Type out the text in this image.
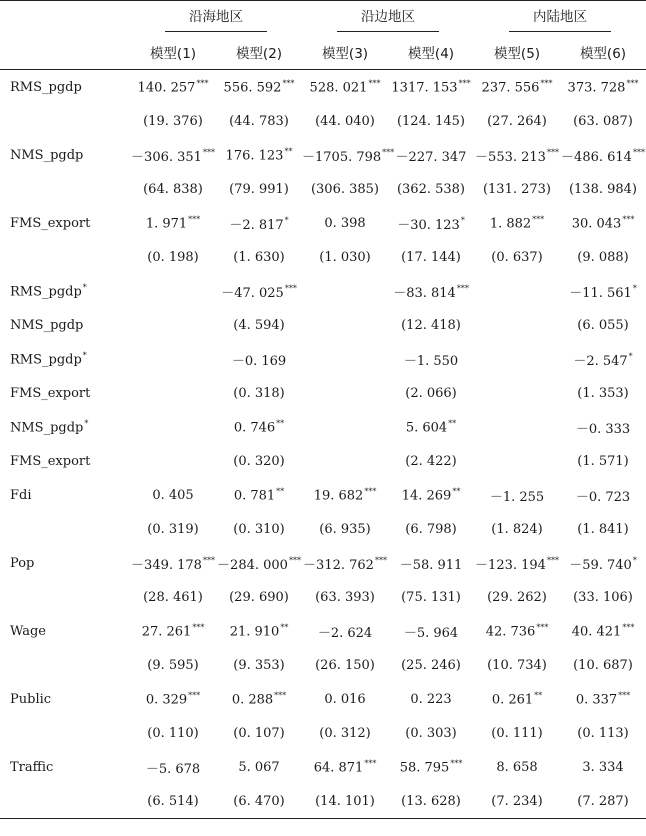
	沿海地区		沿边地区		内陆地区	
	模型(1)	模型(2)	模型(3)	模型(4)	模型(5)	模型(6)
RMS_pgdp	140. 257***	556. 592***	528. 021***	1317. 153***	237. 556***	373. 728***
	(19. 376)	(44. 783)	(44. 040)	(124. 145)	(27. 264)	(63. 087)
NMS_pgdp	－306. 351***	176. 123**	－1705. 798***	－227. 347	－553. 213***	－486. 614***
	(64. 838)	(79. 991)	(306. 385)	(362. 538)	(131. 273)	(138. 984)
FMS_export	1. 971***	－2. 817*	0. 398	－30. 123*	1. 882***	30. 043***
	(0. 198)	(1. 630)	(1. 030)	(17. 144)	(0. 637)	(9. 088)
RMS_pgdp*		－47. 025***		－83. 814***		－11. 561*
NMS_pgdp		(4. 594)		(12. 418)		(6. 055)
RMS_pgdp*		－0. 169		－1. 550		－2. 547*
FMS_export		(0. 318)		(2. 066)		(1. 353)
NMS_pgdp*		0. 746**		5. 604**		－0. 333
FMS_export		(0. 320)		(2. 422)		(1. 571)
Fdi	0. 405	0. 781**	19. 682***	14. 269**	－1. 255	－0. 723
	(0. 319)	(0. 310)	(6. 935)	(6. 798)	(1. 824)	(1. 841)
Pop	－349. 178***	－284. 000***	－312. 762***	－58. 911	－123. 194***	－59. 740*
	(28. 461)	(29. 690)	(63. 393)	(75. 131)	(29. 262)	(33. 106)
Wage	27. 261***	21. 910**	－2. 624	－5. 964	42. 736***	40. 421***
	(9. 595)	(9. 353)	(26. 150)	(25. 246)	(10. 734)	(10. 687)
Public	0. 329***	0. 288***	0. 016	0. 223	0. 261**	0. 337***
	(0. 110)	(0. 107)	(0. 312)	(0. 303)	(0. 111)	(0. 113)
Traffic	－5. 678	5. 067	64. 871***	58. 795***	8. 658	3. 334
	(6. 514)	(6. 470)	(14. 101)	(13. 628)	(7. 234)	(7. 287)
